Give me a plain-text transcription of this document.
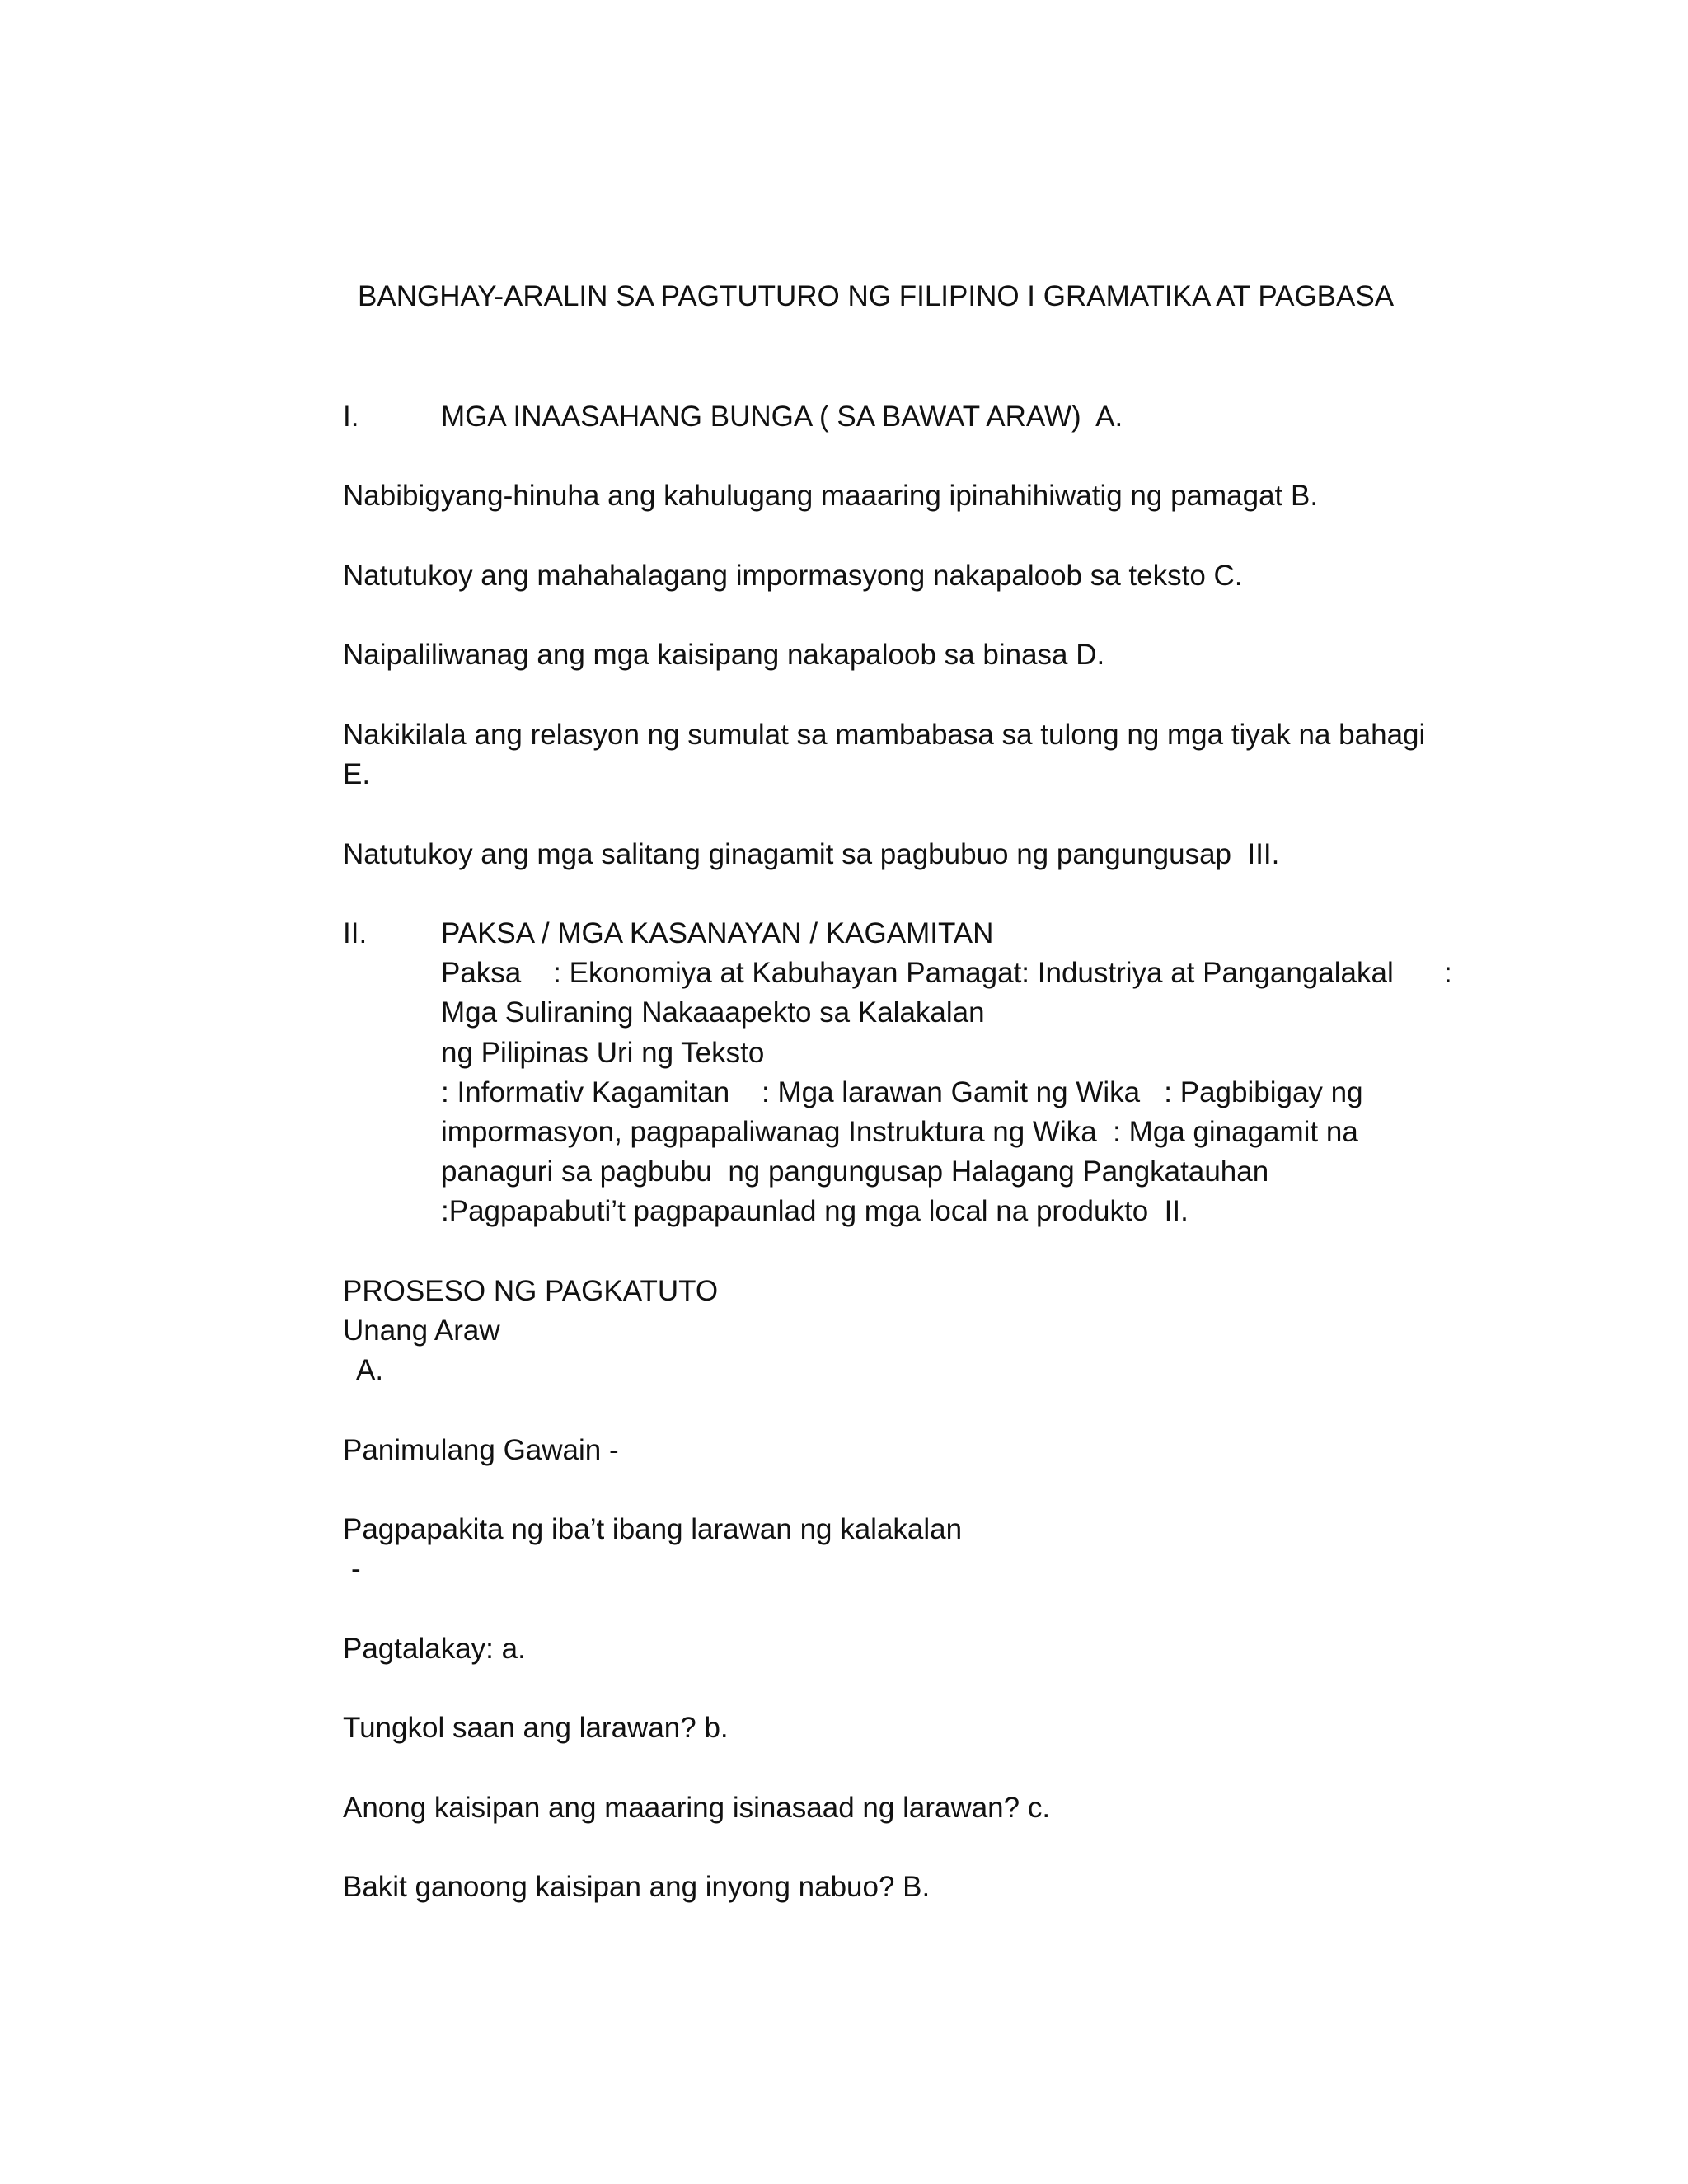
BANGHAY-ARALIN SA PAGTUTURO NG FILIPINO I GRAMATIKA AT PAGBASA
I.	MGA INAASAHANG BUNGA ( SA BAWAT ARAW)  A.
Nabibigyang-hinuha ang kahulugang maaaring ipinahihiwatig ng pamagat B.
Natutukoy ang mahahalagang impormasyong nakapaloob sa teksto C.
Naipaliliwanag ang mga kaisipang nakapaloob sa binasa D.
Nakikilala ang relasyon ng sumulat sa mambabasa sa tulong ng mga tiyak na bahagi
E.
Natutukoy ang mga salitang ginagamit sa pagbubuo ng pangungusap  III.
II.	PAKSA / MGA KASANAYAN / KAGAMITAN
Paksa    : Ekonomiya at Kabuhayan Pamagat: Industriya at Pangangalakal :
Mga Suliraning Nakaaapekto sa Kalakalan
ng Pilipinas Uri ng Teksto
: Informativ Kagamitan    : Mga larawan Gamit ng Wika   : Pagbibigay ng
impormasyon, pagpapaliwanag Instruktura ng Wika  : Mga ginagamit na
panaguri sa pagbubu  ng pangungusap Halagang Pangkatauhan
:Pagpapabuti’t pagpapaunlad ng mga local na produkto  II.
PROSESO NG PAGKATUTO
Unang Araw
A.
Panimulang Gawain -
Pagpapakita ng iba’t ibang larawan ng kalakalan
-
Pagtalakay: a.
Tungkol saan ang larawan? b.
Anong kaisipan ang maaaring isinasaad ng larawan? c.
Bakit ganoong kaisipan ang inyong nabuo? B.
